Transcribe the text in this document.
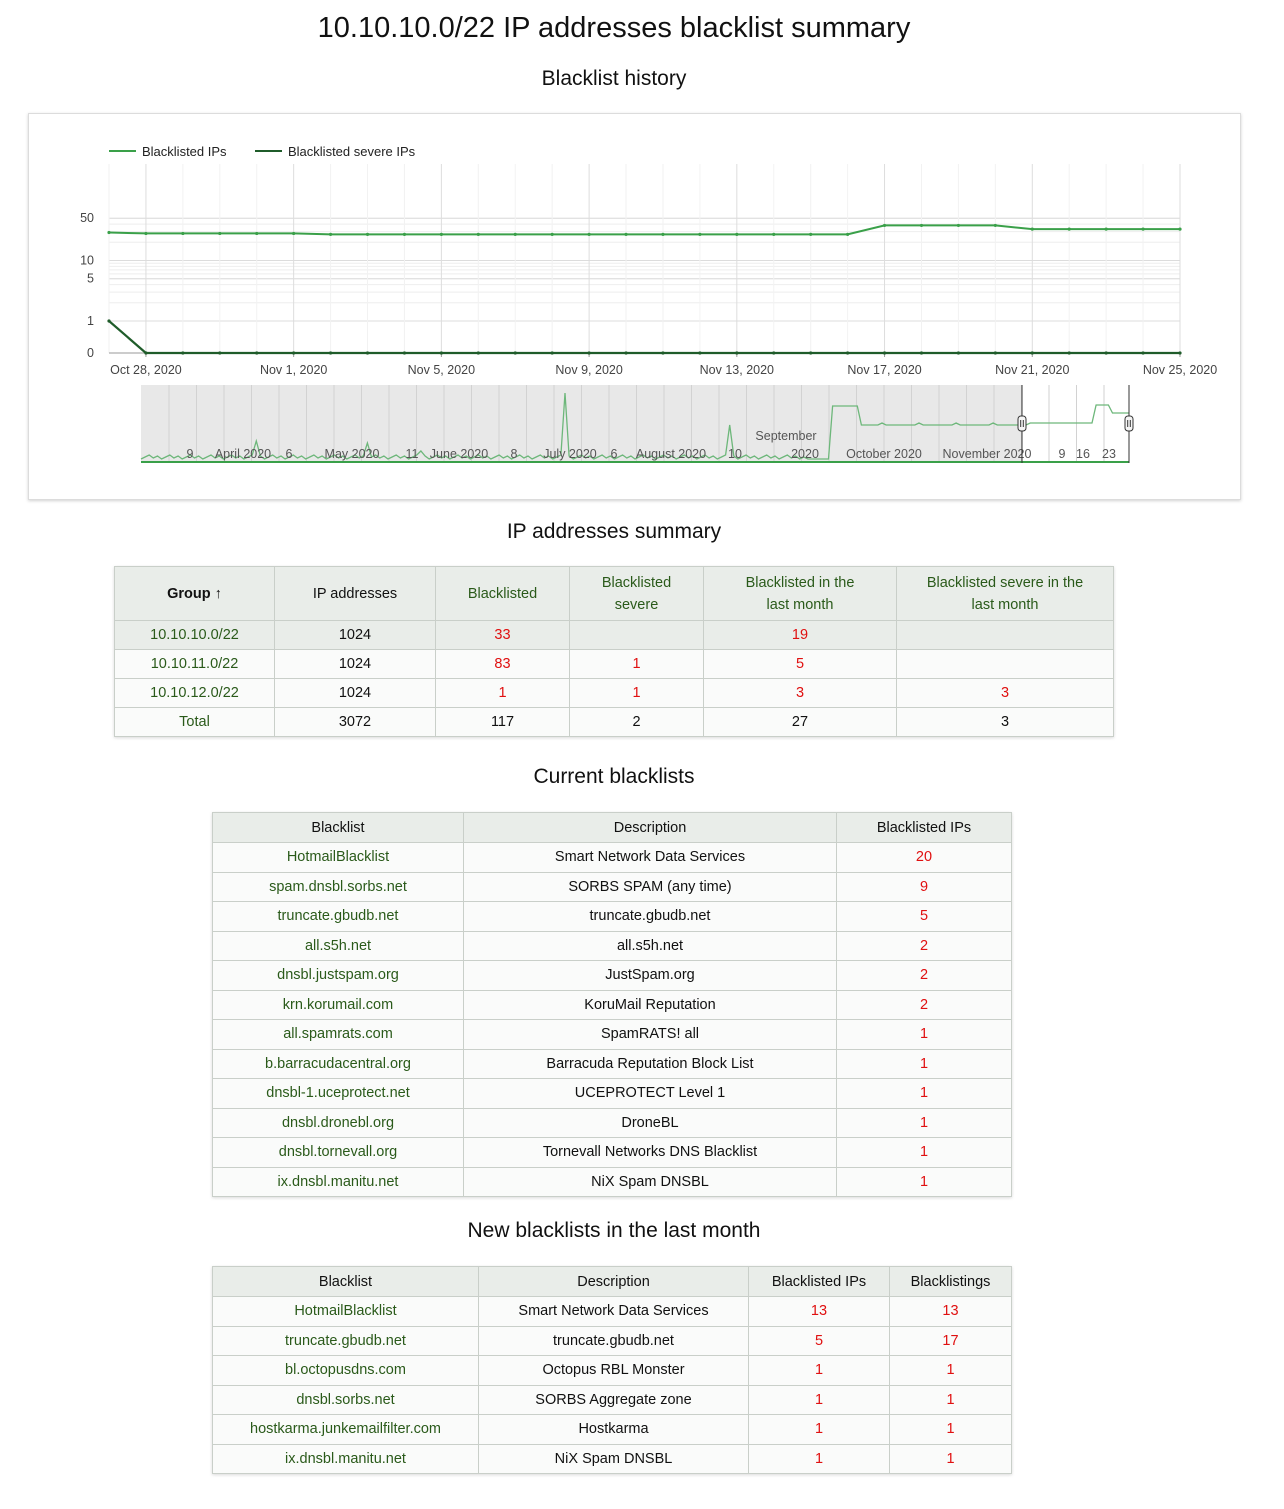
10.10.10.0/22 IP addresses blacklist summary
Blacklist history
50
10
5
1
0
Oct 28, 2020	Nov 1, 2020	Nov 5, 2020	Nov 9, 2020	Nov 13, 2020	Nov 17, 2020	Nov 21, 2020	Nov 25, 2020
Blacklisted IPs	Blacklisted severe IPs
9 April 2020 6	May 2020 11 June 2020 8 July 2020 6 August 2020 10
September 2020 October 2020 November 2020 9 16 23
IP addresses summary
Group ↑	IP addresses	Blacklisted	Blacklisted severe	Blacklisted in the last month	Blacklisted severe in the last month
10.10.10.0/22	1024	33		19	
10.10.11.0/22	1024	83	1	5	
10.10.12.0/22	1024	1	1	3	3
Total	3072	117	2	27	3
Current blacklists
Blacklist	Description	Blacklisted IPs
HotmailBlacklist	Smart Network Data Services	20
spam.dnsbl.sorbs.net	SORBS SPAM (any time)	9
truncate.gbudb.net	truncate.gbudb.net	5
all.s5h.net	all.s5h.net	2
dnsbl.justspam.org	JustSpam.org	2
krn.korumail.com	KoruMail Reputation	2
all.spamrats.com	SpamRATS! all	1
b.barracudacentral.org	Barracuda Reputation Block List	1
dnsbl-1.uceprotect.net	UCEPROTECT Level 1	1
dnsbl.dronebl.org	DroneBL	1
dnsbl.tornevall.org	Tornevall Networks DNS Blacklist	1
ix.dnsbl.manitu.net	NiX Spam DNSBL	1
New blacklists in the last month
Blacklist	Description	Blacklisted IPs	Blacklistings
HotmailBlacklist	Smart Network Data Services	13	13
truncate.gbudb.net	truncate.gbudb.net	5	17
bl.octopusdns.com	Octopus RBL Monster	1	1
dnsbl.sorbs.net	SORBS Aggregate zone	1	1
hostkarma.junkemailfilter.com	Hostkarma	1	1
ix.dnsbl.manitu.net	NiX Spam DNSBL	1	1
